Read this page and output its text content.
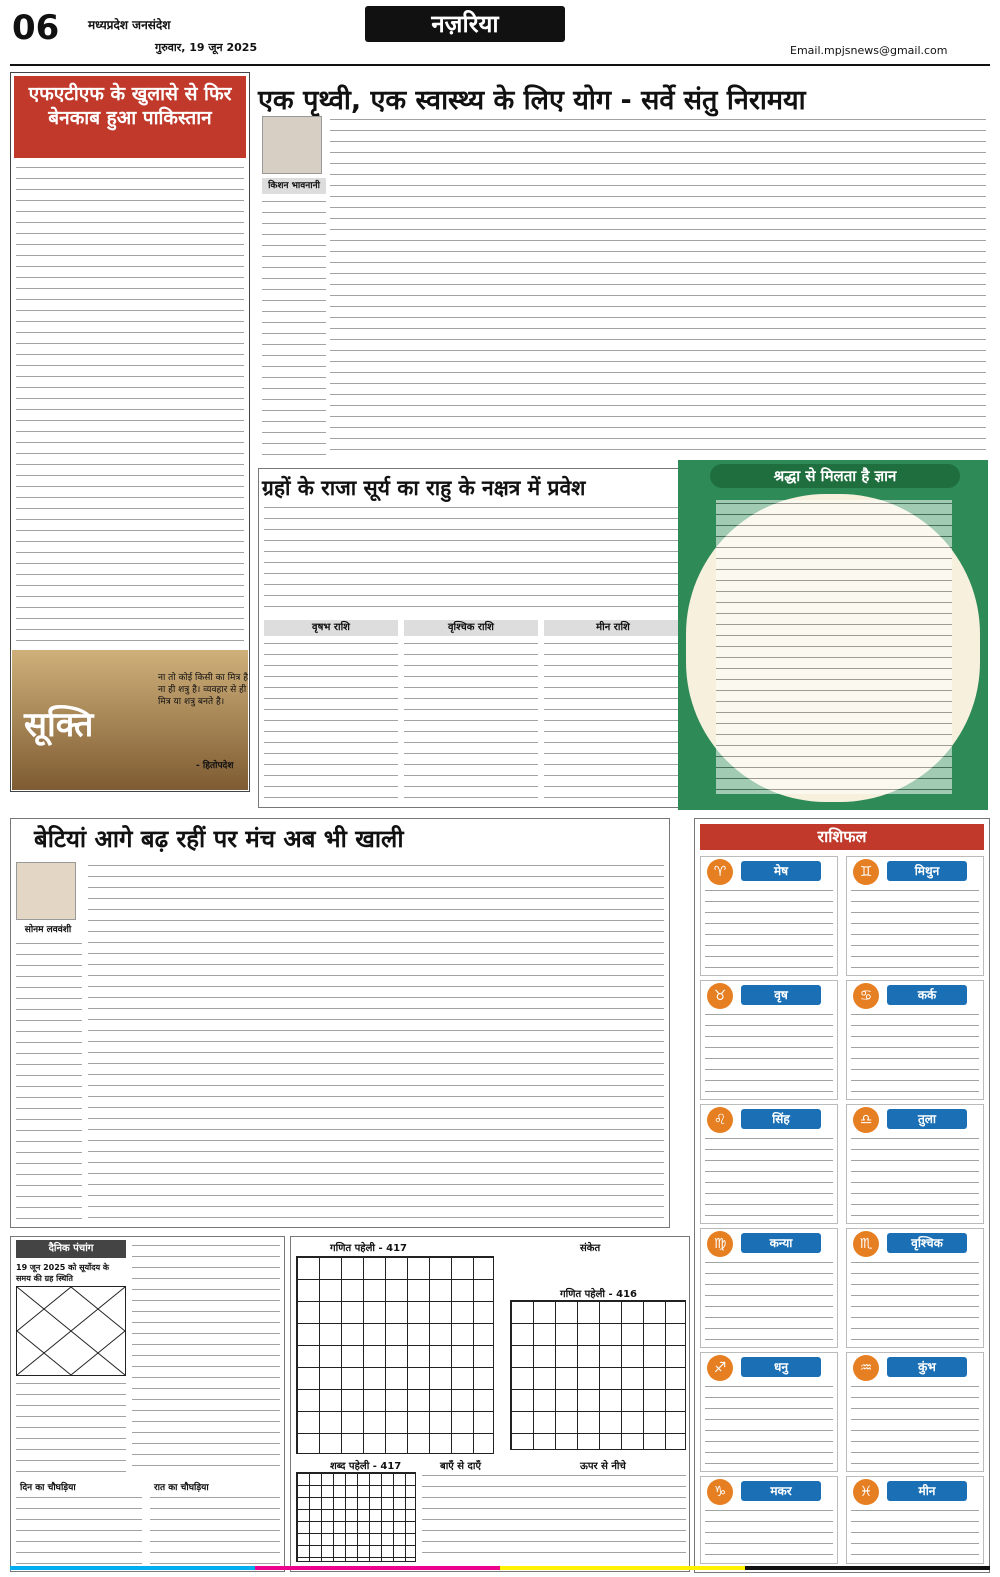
06 मध्यप्रदेश जनसंदेश
गुरुवार, 19 जून 2025
नज़रिया
Email.mpjsnews@gmail.com
एफएटीएफ के खुलासे से फिर बेनकाब हुआ पाकिस्तान
सूक्ति
ना तो कोई किसी का मित्र है ना ही शत्रु है। व्यवहार से ही मित्र या शत्रु बनते है।
- हितोपदेश
एक पृथ्वी, एक स्वास्थ्य के लिए योग - सर्वे संतु निरामया
किशन भावनानी
ग्रहों के राजा सूर्य का राहु के नक्षत्र में प्रवेश
वृषभ राशि	वृश्चिक राशि	मीन राशि
श्रद्धा से मिलता है ज्ञान
बेटियां आगे बढ़ रहीं पर मंच अब भी खाली
सोनम लववंशी
राशिफल
♈	मेष	♊	मिथुन
♉	वृष	♋	कर्क
♌	सिंह	♎	तुला
♍	कन्या	♏	वृश्चिक
♐	धनु	♒	कुंभ
♑	मकर	♓	मीन
दैनिक पंचांग
19 जून 2025 को सूर्योदय के समय की ग्रह स्थिति
दिन का चौघड़िया	रात का चौघड़िया
गणित पहेली - 417	संकेत
गणित पहेली - 416
शब्द पहेली - 417	बाएँ से दाएँ	ऊपर से नीचे
